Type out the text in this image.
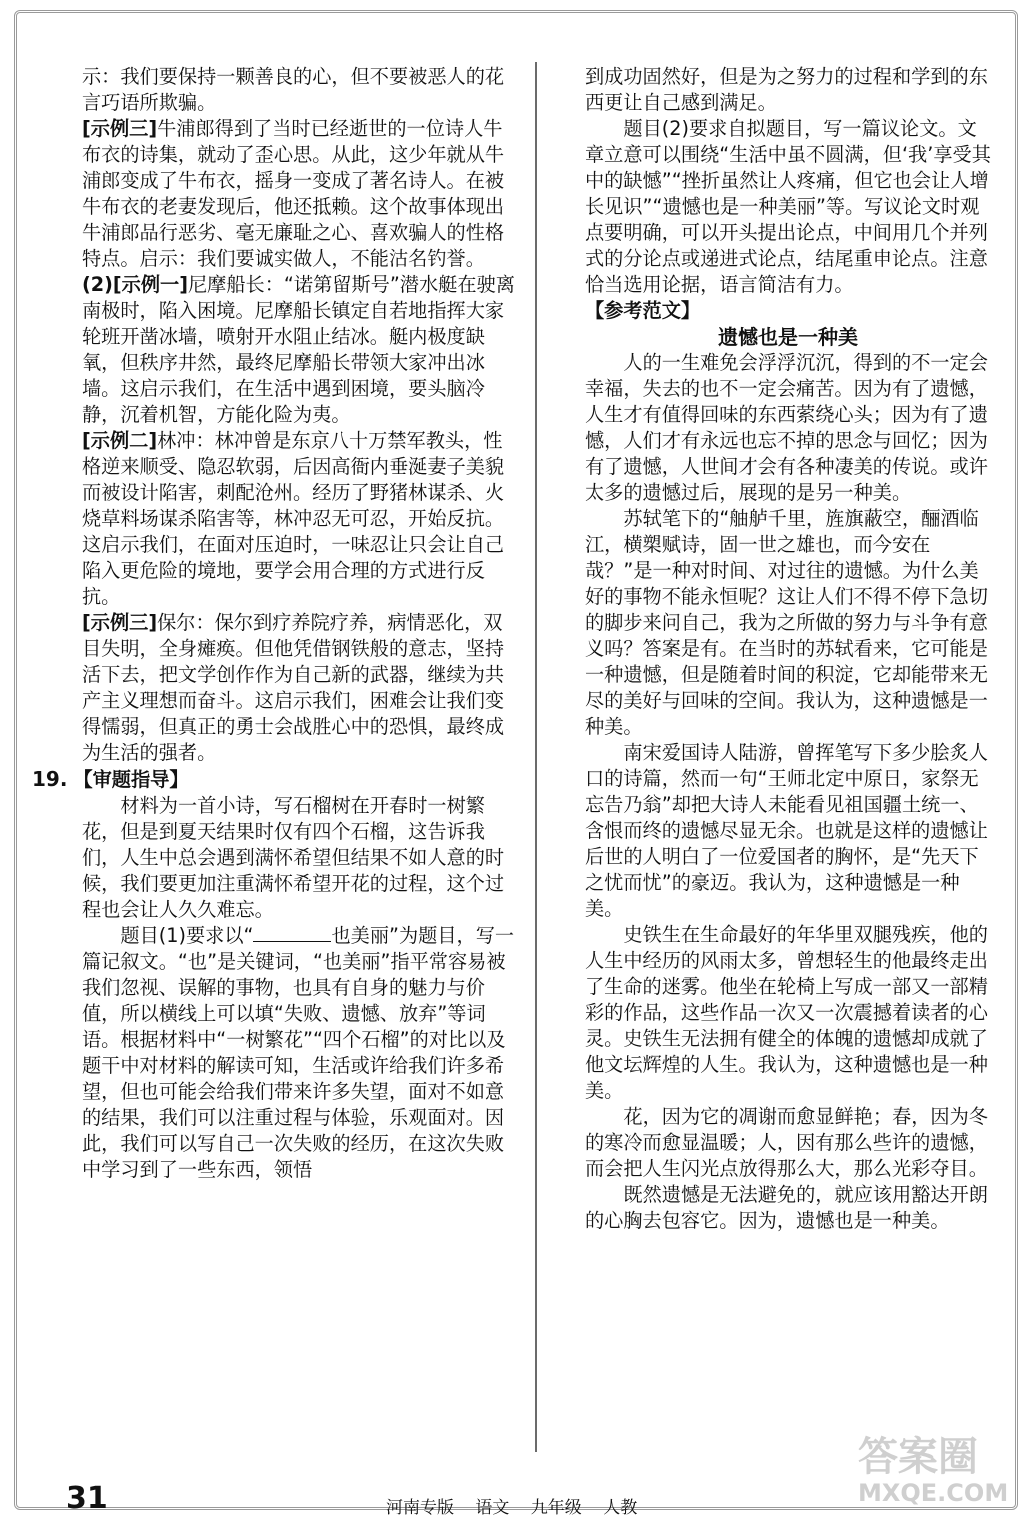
示：我们要保持一颗善良的心，但不要被恶人的花言巧语所欺骗。

[示例三]牛浦郎得到了当时已经逝世的一位诗人牛布衣的诗集，就动了歪心思。从此，这少年就从牛浦郎变成了牛布衣，摇身一变成了著名诗人。在被牛布衣的老妻发现后，他还抵赖。这个故事体现出牛浦郎品行恶劣、毫无廉耻之心、喜欢骗人的性格特点。启示：我们要诚实做人，不能沽名钓誉。

(2)[示例一]尼摩船长：“诺第留斯号”潜水艇在驶离南极时，陷入困境。尼摩船长镇定自若地指挥大家轮班开凿冰墙，喷射开水阻止结冰。艇内极度缺氧，但秩序井然，最终尼摩船长带领大家冲出冰墙。这启示我们，在生活中遇到困境，要头脑冷静，沉着机智，方能化险为夷。

[示例二]林冲：林冲曾是东京八十万禁军教头，性格逆来顺受、隐忍软弱，后因高衙内垂涎妻子美貌而被设计陷害，刺配沧州。经历了野猪林谋杀、火烧草料场谋杀陷害等，林冲忍无可忍，开始反抗。这启示我们，在面对压迫时，一味忍让只会让自己陷入更危险的境地，要学会用合理的方式进行反抗。

[示例三]保尔：保尔到疗养院疗养，病情恶化，双目失明，全身瘫痪。但他凭借钢铁般的意志，坚持活下去，把文学创作作为自己新的武器，继续为共产主义理想而奋斗。这启示我们，困难会让我们变得懦弱，但真正的勇士会战胜心中的恐惧，最终成为生活的强者。

19. 【审题指导】

材料为一首小诗，写石榴树在开春时一树繁花，但是到夏天结果时仅有四个石榴，这告诉我们，人生中总会遇到满怀希望但结果不如人意的时候，我们要更加注重满怀希望开花的过程，这个过程也会让人久久难忘。

题目(1)要求以“	也美丽”为题目，写一篇记叙文。“也”是关键词，“也美丽”指平常容易被我们忽视、误解的事物，也具有自身的魅力与价值，所以横线上可以填“失败、遗憾、放弃”等词语。根据材料中“一树繁花”“四个石榴”的对比以及题干中对材料的解读可知，生活或许给我们许多希望，但也可能会给我们带来许多失望，面对不如意的结果，我们可以注重过程与体验，乐观面对。因此，我们可以写自己一次失败的经历，在这次失败中学习到了一些东西，领悟

到成功固然好，但是为之努力的过程和学到的东西更让自己感到满足。

题目(2)要求自拟题目，写一篇议论文。文章立意可以围绕“生活中虽不圆满，但‘我’享受其中的缺憾”“挫折虽然让人疼痛，但它也会让人增长见识”“遗憾也是一种美丽”等。写议论文时观点要明确，可以开头提出论点，中间用几个并列式的分论点或递进式论点，结尾重申论点。注意恰当选用论据，语言简洁有力。

【参考范文】

遗憾也是一种美

人的一生难免会浮浮沉沉，得到的不一定会幸福，失去的也不一定会痛苦。因为有了遗憾，人生才有值得回味的东西萦绕心头；因为有了遗憾，人们才有永远也忘不掉的思念与回忆；因为有了遗憾，人世间才会有各种凄美的传说。或许太多的遗憾过后，展现的是另一种美。

苏轼笔下的“舳舻千里，旌旗蔽空，酾酒临江，横槊赋诗，固一世之雄也，而今安在哉？”是一种对时间、对过往的遗憾。为什么美好的事物不能永恒呢？这让人们不得不停下急切的脚步来问自己，我为之所做的努力与斗争有意义吗？答案是有。在当时的苏轼看来，它可能是一种遗憾，但是随着时间的积淀，它却能带来无尽的美好与回味的空间。我认为，这种遗憾是一种美。

南宋爱国诗人陆游，曾挥笔写下多少脍炙人口的诗篇，然而一句“王师北定中原日，家祭无忘告乃翁”却把大诗人未能看见祖国疆土统一、含恨而终的遗憾尽显无余。也就是这样的遗憾让后世的人明白了一位爱国者的胸怀，是“先天下之忧而忧”的豪迈。我认为，这种遗憾是一种美。

史铁生在生命最好的年华里双腿残疾，他的人生中经历的风雨太多，曾想轻生的他最终走出了生命的迷雾。他坐在轮椅上写成一部又一部精彩的作品，这些作品一次又一次震撼着读者的心灵。史铁生无法拥有健全的体魄的遗憾却成就了他文坛辉煌的人生。我认为，这种遗憾也是一种美。

花，因为它的凋谢而愈显鲜艳；春，因为冬的寒冷而愈显温暖；人，因有那么些许的遗憾，而会把人生闪光点放得那么大，那么光彩夺目。

既然遗憾是无法避免的，就应该用豁达开朗的心胸去包容它。因为，遗憾也是一种美。

31	河南专版 语文 九年级 人教
答案圈
MXQE.COM
